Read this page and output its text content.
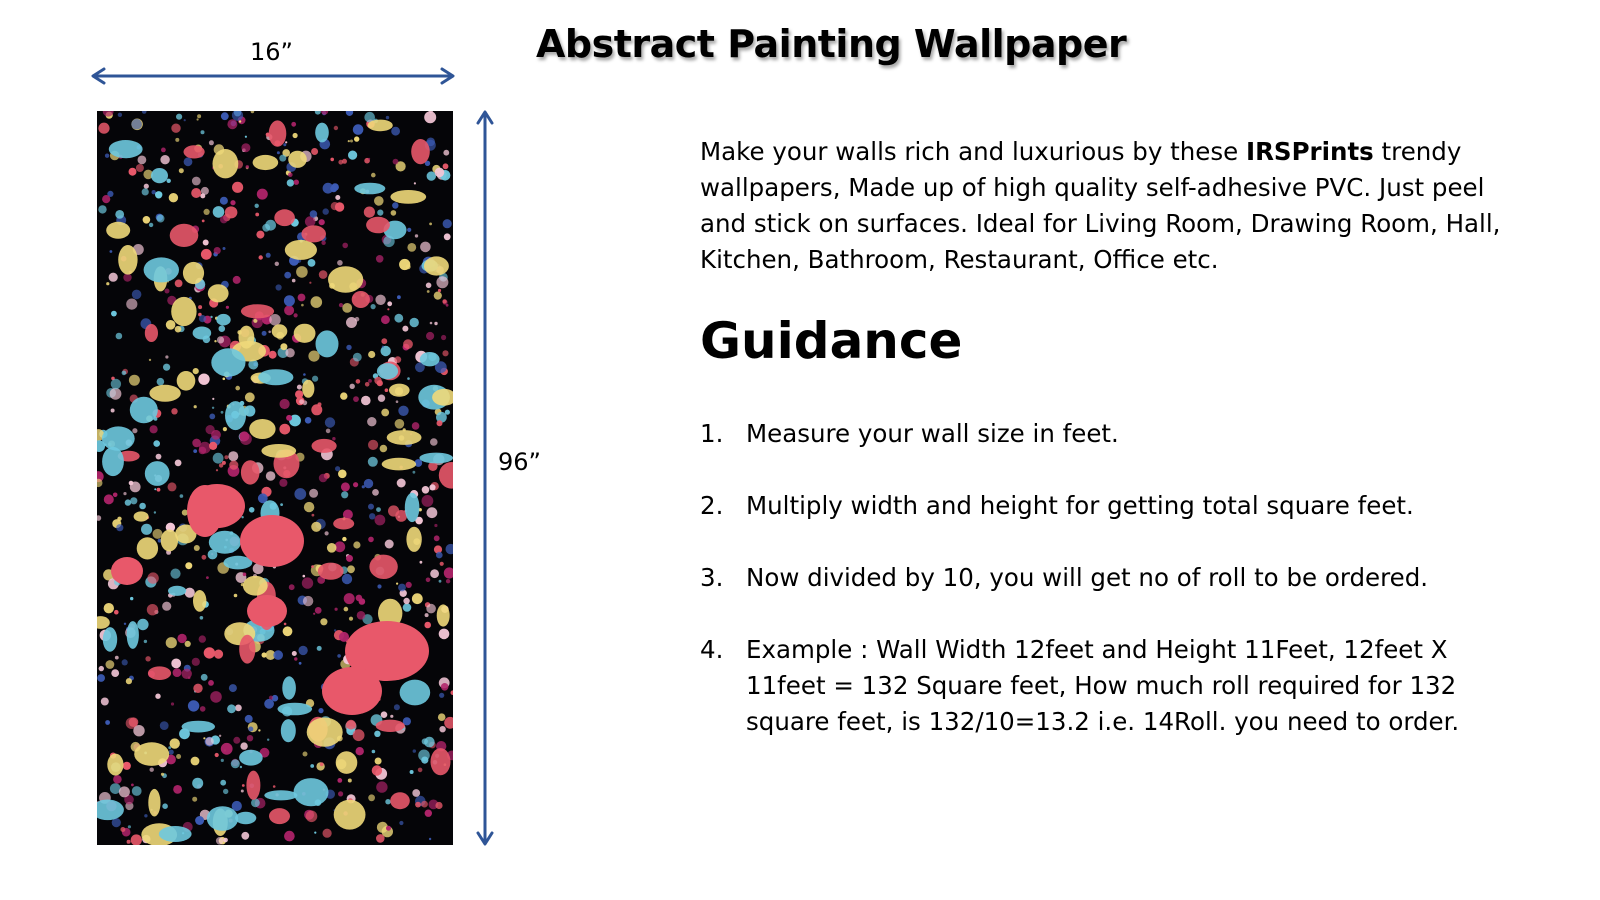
Abstract Painting Wallpaper
16”
96”
Make your walls rich and luxurious by these IRSPrints trendy wallpapers, Made up of high quality self-adhesive PVC. Just peel and stick on surfaces. Ideal for Living Room, Drawing Room, Hall, Kitchen, Bathroom, Restaurant, Office etc.
Guidance
1. Measure your wall size in feet.
2. Multiply width and height for getting total square feet.
3. Now divided by 10, you will get no of roll to be ordered.
4. Example : Wall Width 12feet and Height 11Feet, 12feet X 11feet = 132 Square feet, How much roll required for 132 square feet, is 132/10=13.2 i.e. 14Roll. you need to order.
